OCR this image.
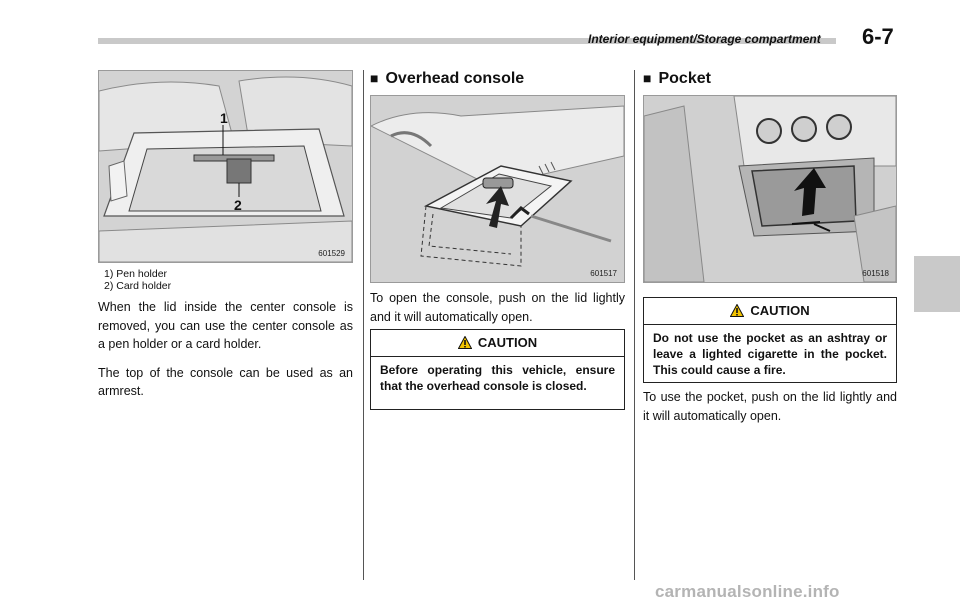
Interior equipment/Storage compartment 6-7
1
2
601529
1) Pen holder
2) Card holder

When the lid inside the center console is removed, you can use the center console as a pen holder or a card holder.

The top of the console can be used as an armrest.

■ Overhead console
601517

To open the console, push on the lid lightly and it will automatically open.

CAUTION
Before operating this vehicle, ensure that the overhead console is closed.
■ Pocket
601518
CAUTION
Do not use the pocket as an ashtray or leave a lighted cigarette in the pocket. This could cause a fire.

To use the pocket, push on the lid lightly and it will automatically open.

carmanualsonline.info
